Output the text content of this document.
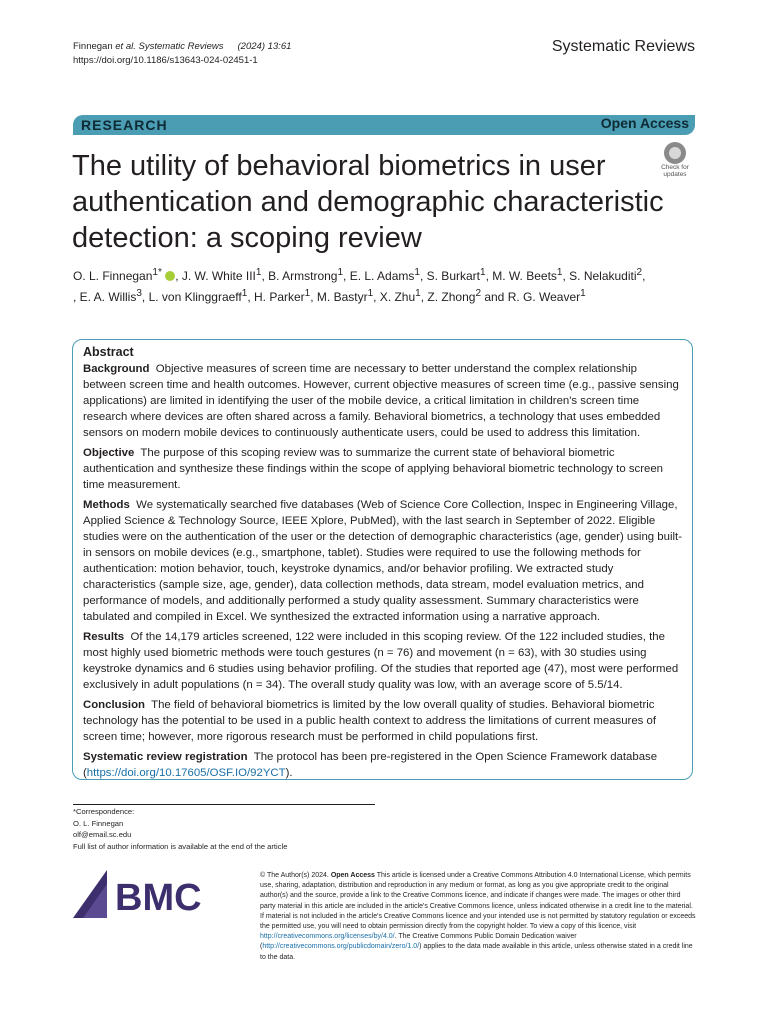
Finnegan et al. Systematic Reviews (2024) 13:61
https://doi.org/10.1186/s13643-024-02451-1
Systematic Reviews
RESEARCH	Open Access
The utility of behavioral biometrics in user authentication and demographic characteristic detection: a scoping review
Check for updates
O. L. Finnegan$^{1*}$ , J. W. White III$^1$, B. Armstrong$^1$, E. L. Adams$^1$, S. Burkart$^1$, M. W. Beets$^1$, S. Nelakuditi$^2$,
, E. A. Willis$^3$, L. von Klinggraeff$^1$, H. Parker$^1$, M. Bastyr$^1$, X. Zhu$^1$, Z. Zhong$^2$ and R. G. Weaver$^1$
Abstract

Background Objective measures of screen time are necessary to better understand the complex relationship between screen time and health outcomes. However, current objective measures of screen time (e.g., passive sensing applications) are limited in identifying the user of the mobile device, a critical limitation in children's screen time research where devices are often shared across a family. Behavioral biometrics, a technology that uses embedded sensors on modern mobile devices to continuously authenticate users, could be used to address this limitation.

Objective The purpose of this scoping review was to summarize the current state of behavioral biometric authentication and synthesize these findings within the scope of applying behavioral biometric technology to screen time measurement.

Methods We systematically searched five databases (Web of Science Core Collection, Inspec in Engineering Village, Applied Science & Technology Source, IEEE Xplore, PubMed), with the last search in September of 2022. Eligible studies were on the authentication of the user or the detection of demographic characteristics (age, gender) using built-in sensors on mobile devices (e.g., smartphone, tablet). Studies were required to use the following methods for authentication: motion behavior, touch, keystroke dynamics, and/or behavior profiling. We extracted study characteristics (sample size, age, gender), data collection methods, data stream, model evaluation metrics, and performance of models, and additionally performed a study quality assessment. Summary characteristics were tabulated and compiled in Excel. We synthesized the extracted information using a narrative approach.

Results Of the 14,179 articles screened, 122 were included in this scoping review. Of the 122 included studies, the most highly used biometric methods were touch gestures (n = 76) and movement (n = 63), with 30 studies using keystroke dynamics and 6 studies using behavior profiling. Of the studies that reported age (47), most were performed exclusively in adult populations (n = 34). The overall study quality was low, with an average score of 5.5/14.

Conclusion The field of behavioral biometrics is limited by the low overall quality of studies. Behavioral biometric technology has the potential to be used in a public health context to address the limitations of current measures of screen time; however, more rigorous research must be performed in child populations first.

Systematic review registration The protocol has been pre-registered in the Open Science Framework database (https://doi.org/10.17605/OSF.IO/92YCT).

*Correspondence:
O. L. Finnegan
olf@email.sc.edu
Full list of author information is available at the end of the article
BMC
© The Author(s) 2024. Open Access This article is licensed under a Creative Commons Attribution 4.0 International License, which permits use, sharing, adaptation, distribution and reproduction in any medium or format, as long as you give appropriate credit to the original author(s) and the source, provide a link to the Creative Commons licence, and indicate if changes were made. The images or other third party material in this article are included in the article's Creative Commons licence, unless indicated otherwise in a credit line to the material. If material is not included in the article's Creative Commons licence and your intended use is not permitted by statutory regulation or exceeds the permitted use, you will need to obtain permission directly from the copyright holder. To view a copy of this licence, visit http://creativecommons.org/licenses/by/4.0/. The Creative Commons Public Domain Dedication waiver (http://creativecommons.org/publicdomain/zero/1.0/) applies to the data made available in this article, unless otherwise stated in a credit line to the data.
